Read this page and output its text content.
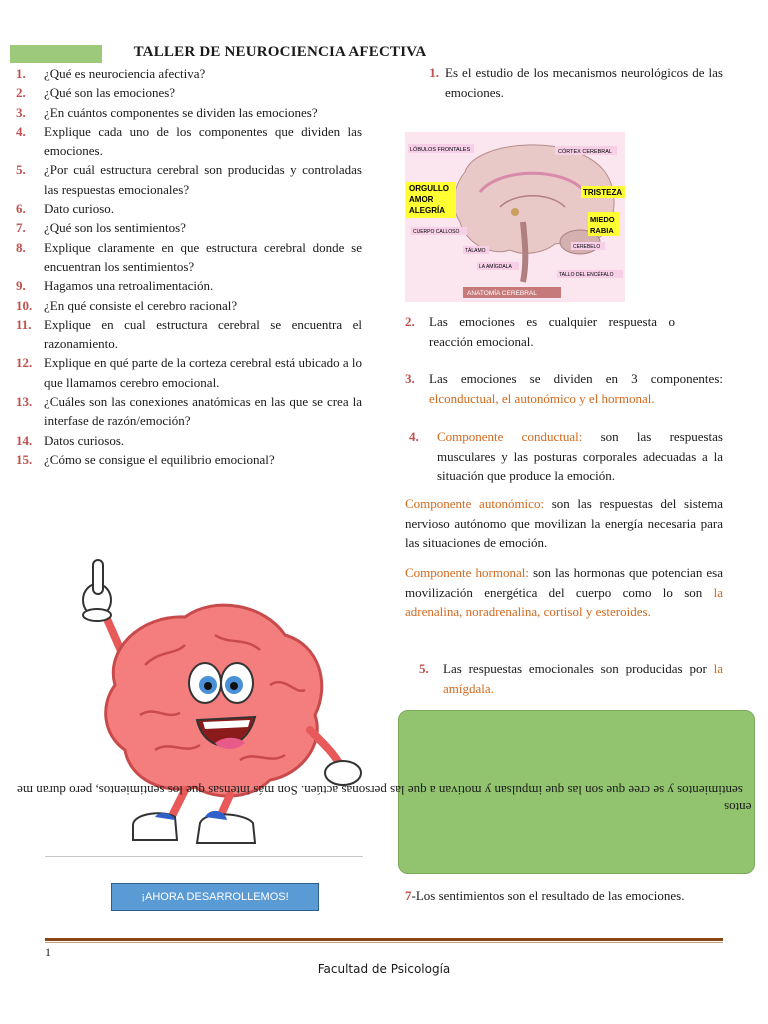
TALLER DE NEUROCIENCIA AFECTIVA
1.	¿Qué es neurociencia afectiva?
2.	¿Qué son las emociones?
3.	¿En cuántos componentes se dividen las emociones?
4.	Explique cada uno de los componentes que dividen las emociones.
5.	¿Por cuál estructura cerebral son producidas y controladas las respuestas emocionales?
6.	Dato curioso.
7.	¿Qué son los sentimientos?
8.	Explique claramente en que estructura cerebral donde se encuentran los sentimientos?
9.	Hagamos una retroalimentación.
10. ¿En qué consiste el cerebro racional?
11. Explique en cual estructura cerebral se encuentra el razonamiento.
12. Explique en qué parte de la corteza cerebral está ubicado a lo que llamamos cerebro emocional.
13. ¿Cuáles son las conexiones anatómicas en las que se crea la interfase de razón/emoción?
14. Datos curiosos.
15. ¿Cómo se consigue el equilibrio emocional?
1. Es el estudio de los mecanismos neurológicos de las emociones.
LÓBULOS FRONTALES	CÓRTEX CEREBRAL
ORGULLO
AMOR
ALEGRÍA
TRISTEZA
MIEDO
RABIA
CUERPO CALLOSO
CEREBELO
TÁLAMO
LA AMÍGDALA
TALLO DEL ENCÉFALO
ANATOMÍA CEREBRAL
2.	Las emociones es cualquier respuesta o reacción emocional.
3.	Las emociones se dividen en 3 componentes: elconductual, el autonómico y el hormonal.
4.	Componente conductual: son las respuestas musculares y las posturas corporales adecuadas a la situación que produce la emoción.
Componente autonómico: son las respuestas del sistema nervioso autónomo que movilizan la energía necesaria para las situaciones de emoción.
Componente hormonal: son las hormonas que potencian esa movilización energética del cuerpo como lo son la adrenalina, noradrenalina, cortisol y esteroides.
5.	Las respuestas emocionales son producidas por la amígdala.
sentimientos y se cree que son las que impulsan y motivan a que las personas actúen. Son más intensas que los sentimientos, pero duran me
entos
¡AHORA DESARROLLEMOS!	7-Los sentimientos son el resultado de las emociones.
1
Facultad de Psicología
